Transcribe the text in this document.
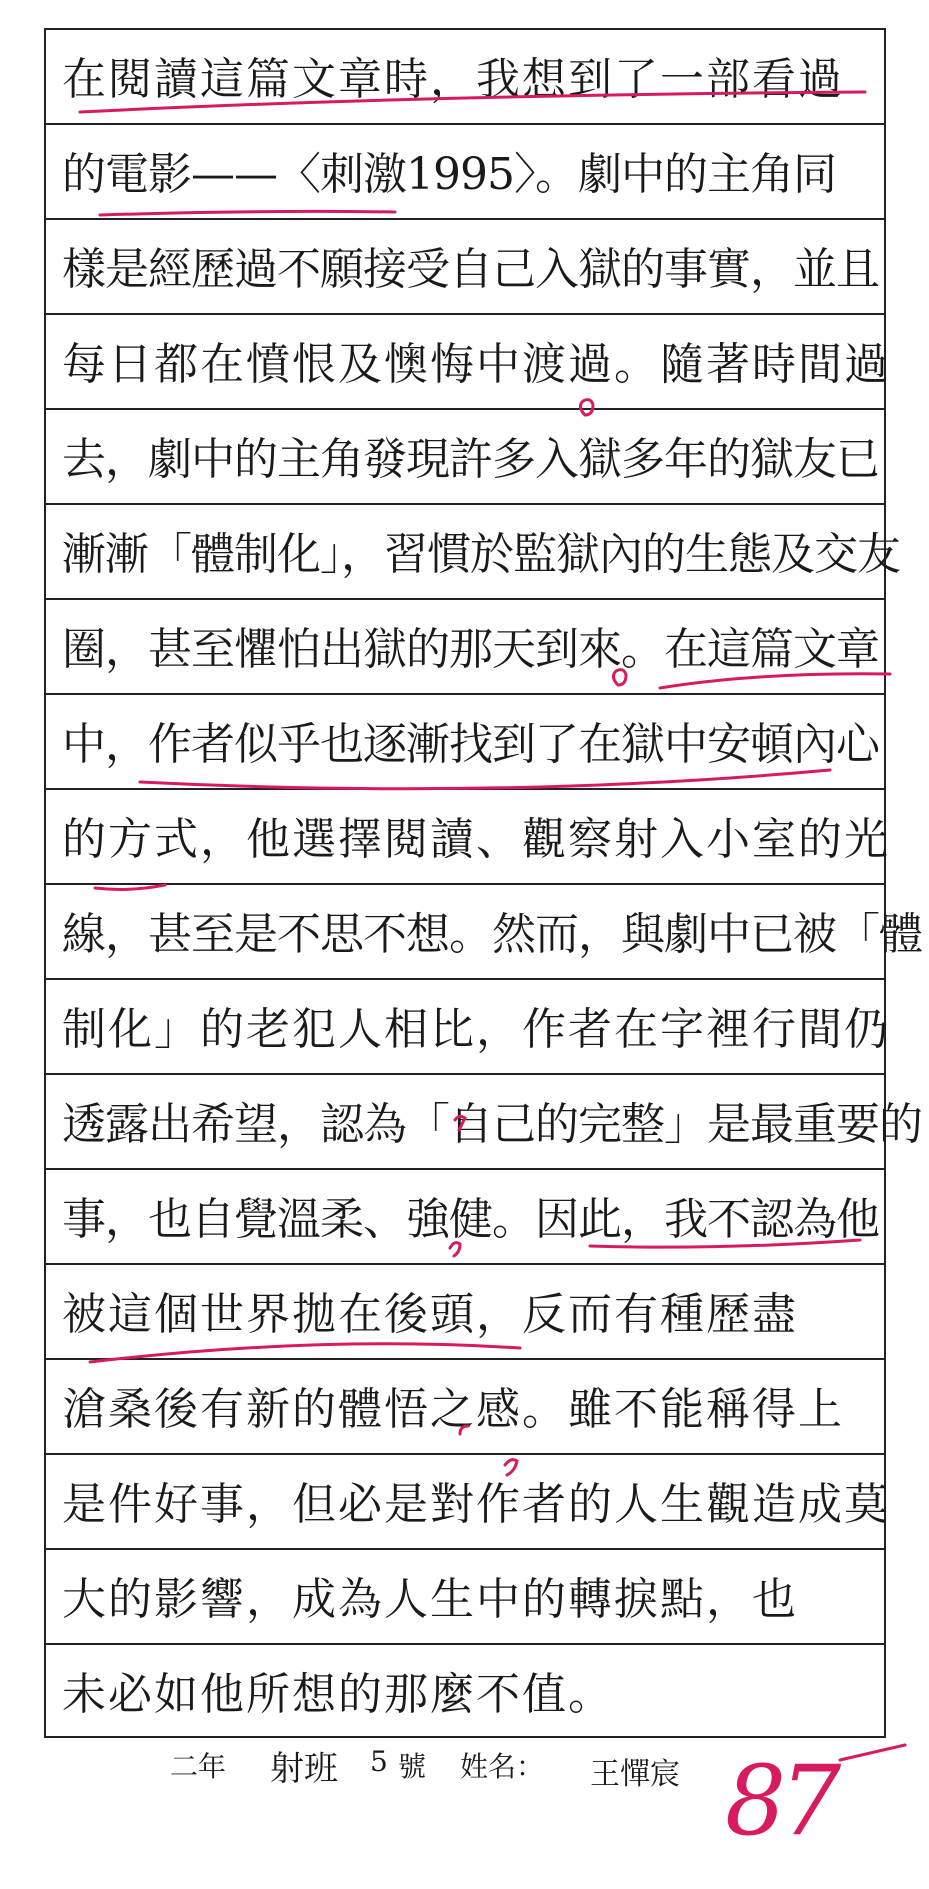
在閱讀這篇文章時，我想到了一部看過
的電影——〈刺激1995〉。劇中的主角同
樣是經歷過不願接受自己入獄的事實，並且
每日都在憤恨及懊悔中渡過。隨著時間過
去，劇中的主角發現許多入獄多年的獄友已
漸漸「體制化」，習慣於監獄內的生態及交友
圈，甚至懼怕出獄的那天到來。在這篇文章
中，作者似乎也逐漸找到了在獄中安頓內心
的方式，他選擇閱讀、觀察射入小室的光
線，甚至是不思不想。然而，與劇中已被「體
制化」的老犯人相比，作者在字裡行間仍
透露出希望，認為「自己的完整」是最重要的
事，也自覺溫柔、強健。因此，我不認為他
被這個世界拋在後頭，反而有種歷盡
滄桑後有新的體悟之感。雖不能稱得上
是件好事，但必是對作者的人生觀造成莫
大的影響，成為人生中的轉捩點，也
未必如他所想的那麼不值。
二年 射班 5 號 姓名： 王憚宸 87
